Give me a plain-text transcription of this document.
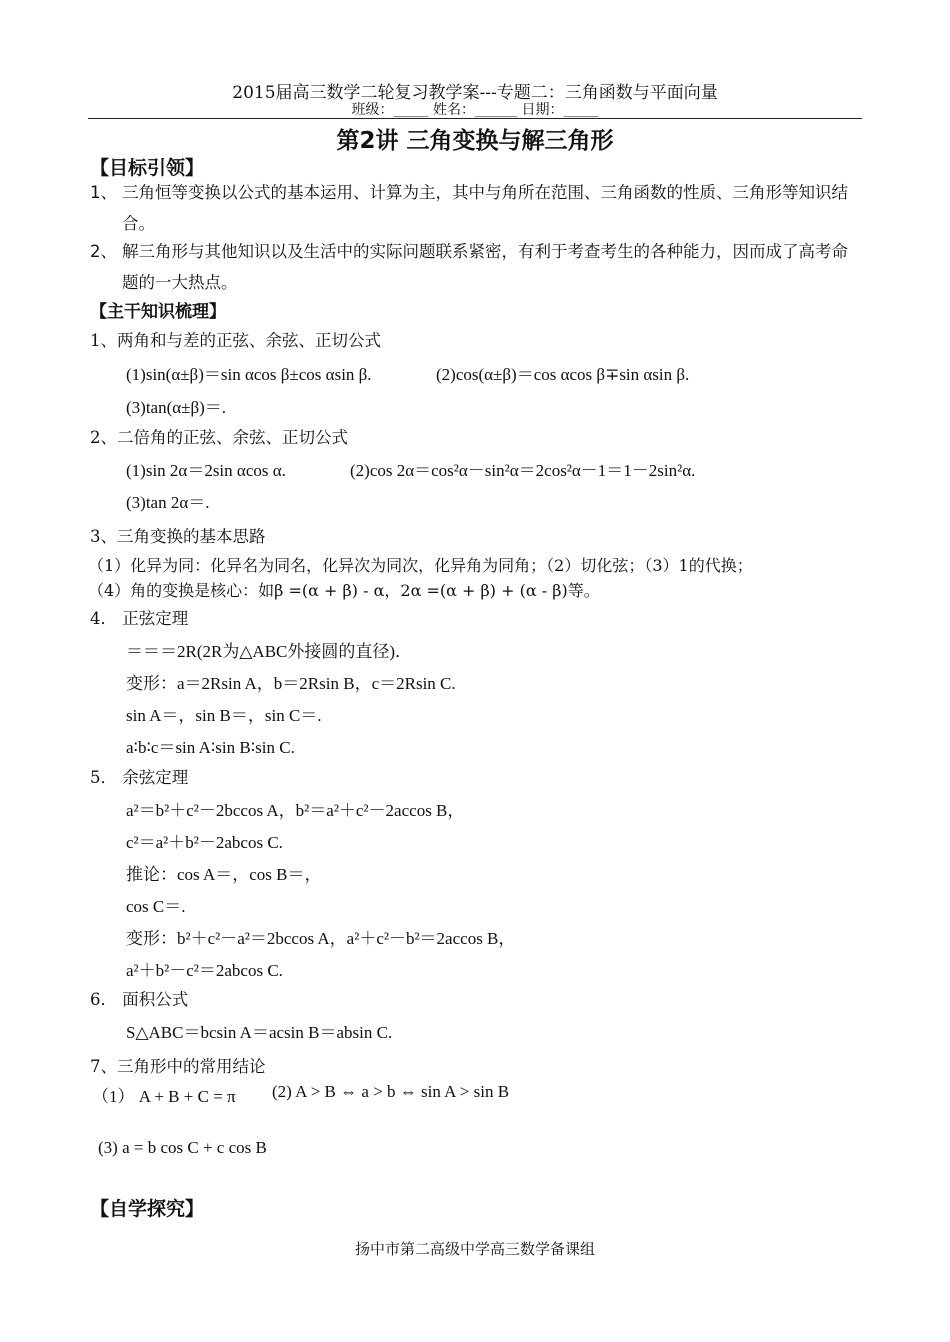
2015届高三数学二轮复习教学案---专题二：三角函数与平面向量
班级：_____ 姓名：______ 日期：_____
第2讲 三角变换与解三角形
【目标引领】
1、 三角恒等变换以公式的基本运用、计算为主，其中与角所在范围、三角函数的性质、三角形等知识结合。
2、 解三角形与其他知识以及生活中的实际问题联系紧密，有利于考查考生的各种能力，因而成了高考命题的一大热点。
【主干知识梳理】
1、两角和与差的正弦、余弦、正切公式
(1)sin(α±β)＝sin αcos β±cos αsin β.	(2)cos(α±β)＝cos αcos β∓sin αsin β.
(3)tan(α±β)＝.
2、二倍角的正弦、余弦、正切公式
(1)sin 2α＝2sin αcos α.	(2)cos 2α＝cos²α－sin²α＝2cos²α－1＝1－2sin²α.
(3)tan 2α＝.
3、三角变换的基本思路
（1）化异为同：化异名为同名，化异次为同次，化异角为同角；（2）切化弦；（3）1的代换；
（4）角的变换是核心：如β =(α + β) - α，2α =(α + β) + (α - β)等。
4． 正弦定理
＝＝＝2R(2R为△ABC外接圆的直径)．
变形：a＝2Rsin A，b＝2Rsin B，c＝2Rsin C.
sin A＝，sin B＝，sin C＝.
a∶b∶c＝sin A∶sin B∶sin C.
5． 余弦定理
a²＝b²＋c²－2bccos A，b²＝a²＋c²－2accos B，
c²＝a²＋b²－2abcos C.
推论：cos A＝，cos B＝，
cos C＝.
变形：b²＋c²－a²＝2bccos A，a²＋c²－b²＝2accos B，
a²＋b²－c²＝2abcos C.
6． 面积公式
S△ABC＝bcsin A＝acsin B＝absin C.
7、三角形中的常用结论
（1） A + B + C = π (2) A > B ⇔ a > b ⇔ sin A > sin B
(3) a = b cos C + c cos B
【自学探究】
扬中市第二高级中学高三数学备课组
